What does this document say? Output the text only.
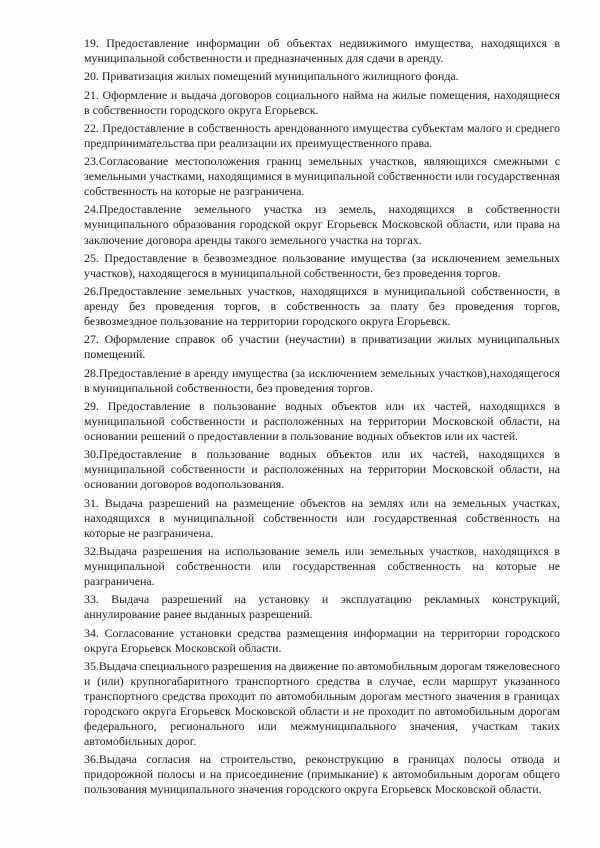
19. Предоставление информации об объектах недвижимого имущества, находящихся в муниципальной собственности и предназначенных для сдачи в аренду.

20. Приватизация жилых помещений муниципального жилищного фонда.

21. Оформление и выдача договоров социального найма на жилые помещения, находящиеся в собственности городского округа Егорьевск.

22. Предоставление в собственность арендованного имущества субъектам малого и среднего предпринимательства при реализации их преимущественного права.

23.Согласование местоположения границ земельных участков, являющихся смежными с земельными участками, находящимися в муниципальной собственности или государственная собственность на которые не разграничена.

24.Предоставление земельного участка из земель, находящихся в собственности муниципального образования городской округ Егорьевск Московской области, или права на заключение договора аренды такого земельного участка на торгах.

25. Предоставление в безвозмездное пользование имущества (за исключением земельных участков), находящегося в муниципальной собственности, без проведения торгов.

26.Предоставление земельных участков, находящихся в муниципальной собственности, в аренду без проведения торгов, в собственность за плату без проведения торгов, безвозмездное пользование на территории городского округа Егорьевск.

27. Оформление справок об участии (неучастии) в приватизации жилых муниципальных помещений.

28.Предоставление в аренду имущества (за исключением земельных участков),находящегося в муниципальной собственности, без проведения торгов.

29. Предоставление в пользование водных объектов или их частей, находящихся в муниципальной собственности и расположенных на территории Московской области, на основании решений о предоставлении в пользование водных объектов или их частей.

30.Предоставление в пользование водных объектов или их частей, находящихся в муниципальной собственности и расположенных на территории Московской области, на основании договоров водопользования.

31. Выдача разрешений на размещение объектов на землях или на земельных участках, находящихся в муниципальной собственности или государственная собственность на которые не разграничена.

32.Выдача разрешения на использование земель или земельных участков, находящихся в муниципальной собственности или государственная собственность на которые не разграничена.

33. Выдача разрешений на установку и эксплуатацию рекламных конструкций, аннулирование ранее выданных разрешений.

34. Согласование установки средства размещения информации на территории городского округа Егорьевск Московской области.

35.Выдача специального разрешения на движение по автомобильным дорогам тяжеловесного и (или) крупногабаритного транспортного средства в случае, если маршрут указанного транспортного средства проходит по автомобильным дорогам местного значения в границах городского округа Егорьевск Московской области и не проходит по автомобильным дорогам федерального, регионального или межмуниципального значения, участкам таких автомобильных дорог.

36.Выдача согласия на строительство, реконструкцию в границах полосы отвода и придорожной полосы и на присоединение (примыкание) к автомобильным дорогам общего пользования муниципального значения городского округа Егорьевск Московской области.
